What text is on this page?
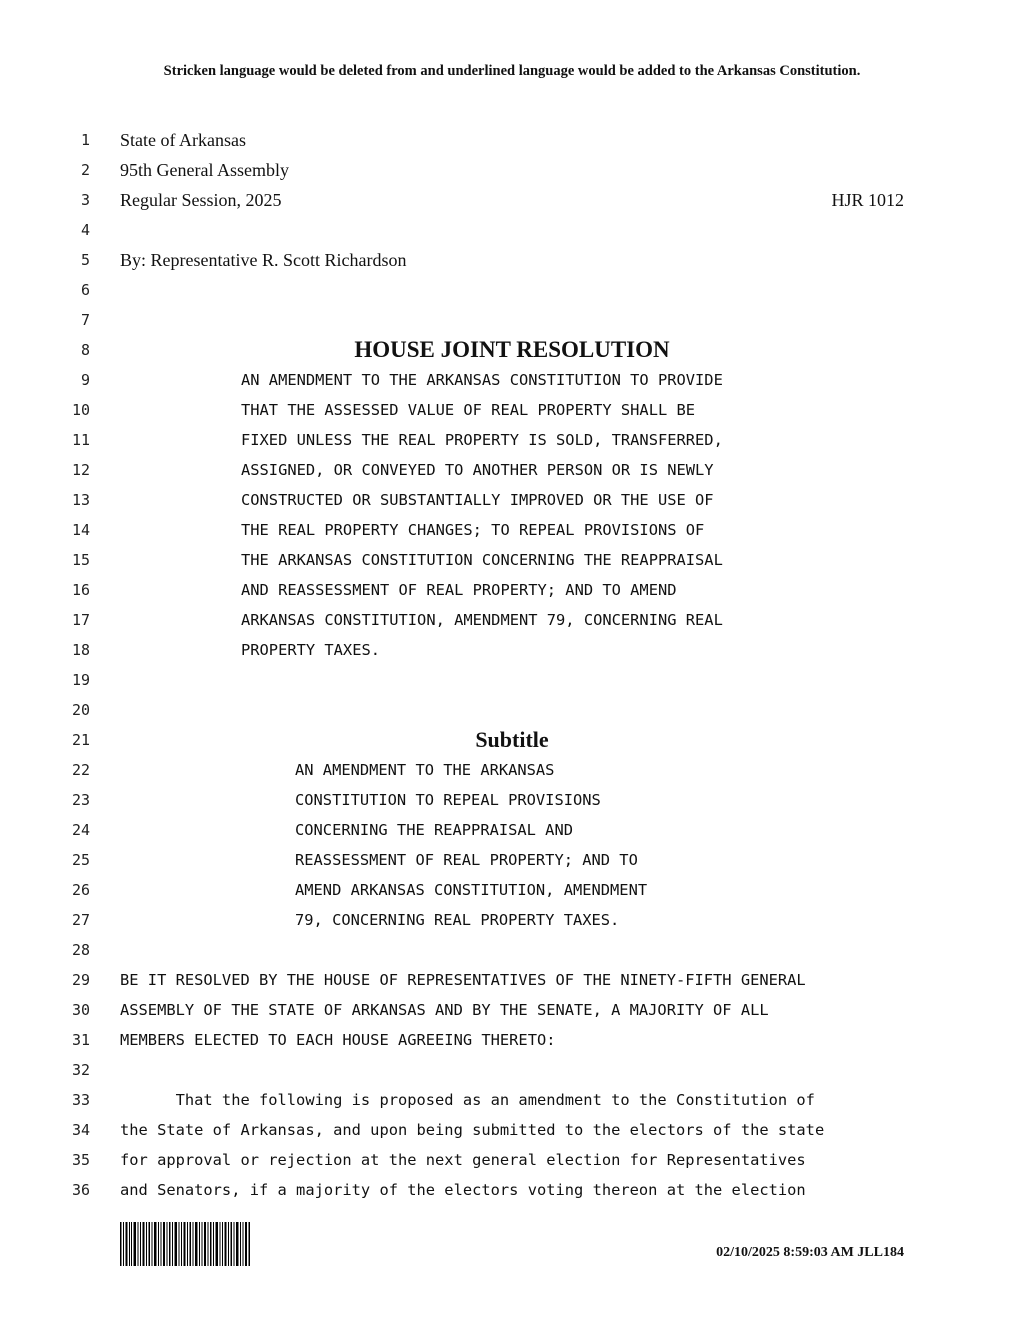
Stricken language would be deleted from and underlined language would be added to the Arkansas Constitution.
1 State of Arkansas
2 95th General Assembly
3 Regular Session, 2025	HJR 1012
4
5 By: Representative R. Scott Richardson
6
7
8	HOUSE JOINT RESOLUTION
9	AN AMENDMENT TO THE ARKANSAS CONSTITUTION TO PROVIDE
10	THAT THE ASSESSED VALUE OF REAL PROPERTY SHALL BE
11	FIXED UNLESS THE REAL PROPERTY IS SOLD, TRANSFERRED,
12	ASSIGNED, OR CONVEYED TO ANOTHER PERSON OR IS NEWLY
13	CONSTRUCTED OR SUBSTANTIALLY IMPROVED OR THE USE OF
14	THE REAL PROPERTY CHANGES; TO REPEAL PROVISIONS OF
15	THE ARKANSAS CONSTITUTION CONCERNING THE REAPPRAISAL
16	AND REASSESSMENT OF REAL PROPERTY; AND TO AMEND
17	ARKANSAS CONSTITUTION, AMENDMENT 79, CONCERNING REAL
18	PROPERTY TAXES.
19
20
21	Subtitle
22	AN AMENDMENT TO THE ARKANSAS
23	CONSTITUTION TO REPEAL PROVISIONS
24	CONCERNING THE REAPPRAISAL AND
25	REASSESSMENT OF REAL PROPERTY; AND TO
26	AMEND ARKANSAS CONSTITUTION, AMENDMENT
27	79, CONCERNING REAL PROPERTY TAXES.
28
29 BE IT RESOLVED BY THE HOUSE OF REPRESENTATIVES OF THE NINETY-FIFTH GENERAL
30 ASSEMBLY OF THE STATE OF ARKANSAS AND BY THE SENATE, A MAJORITY OF ALL
31 MEMBERS ELECTED TO EACH HOUSE AGREEING THERETO:
32
33 That the following is proposed as an amendment to the Constitution of
34 the State of Arkansas, and upon being submitted to the electors of the state
35 for approval or rejection at the next general election for Representatives
36 and Senators, if a majority of the electors voting thereon at the election
02/10/2025 8:59:03 AM JLL184
